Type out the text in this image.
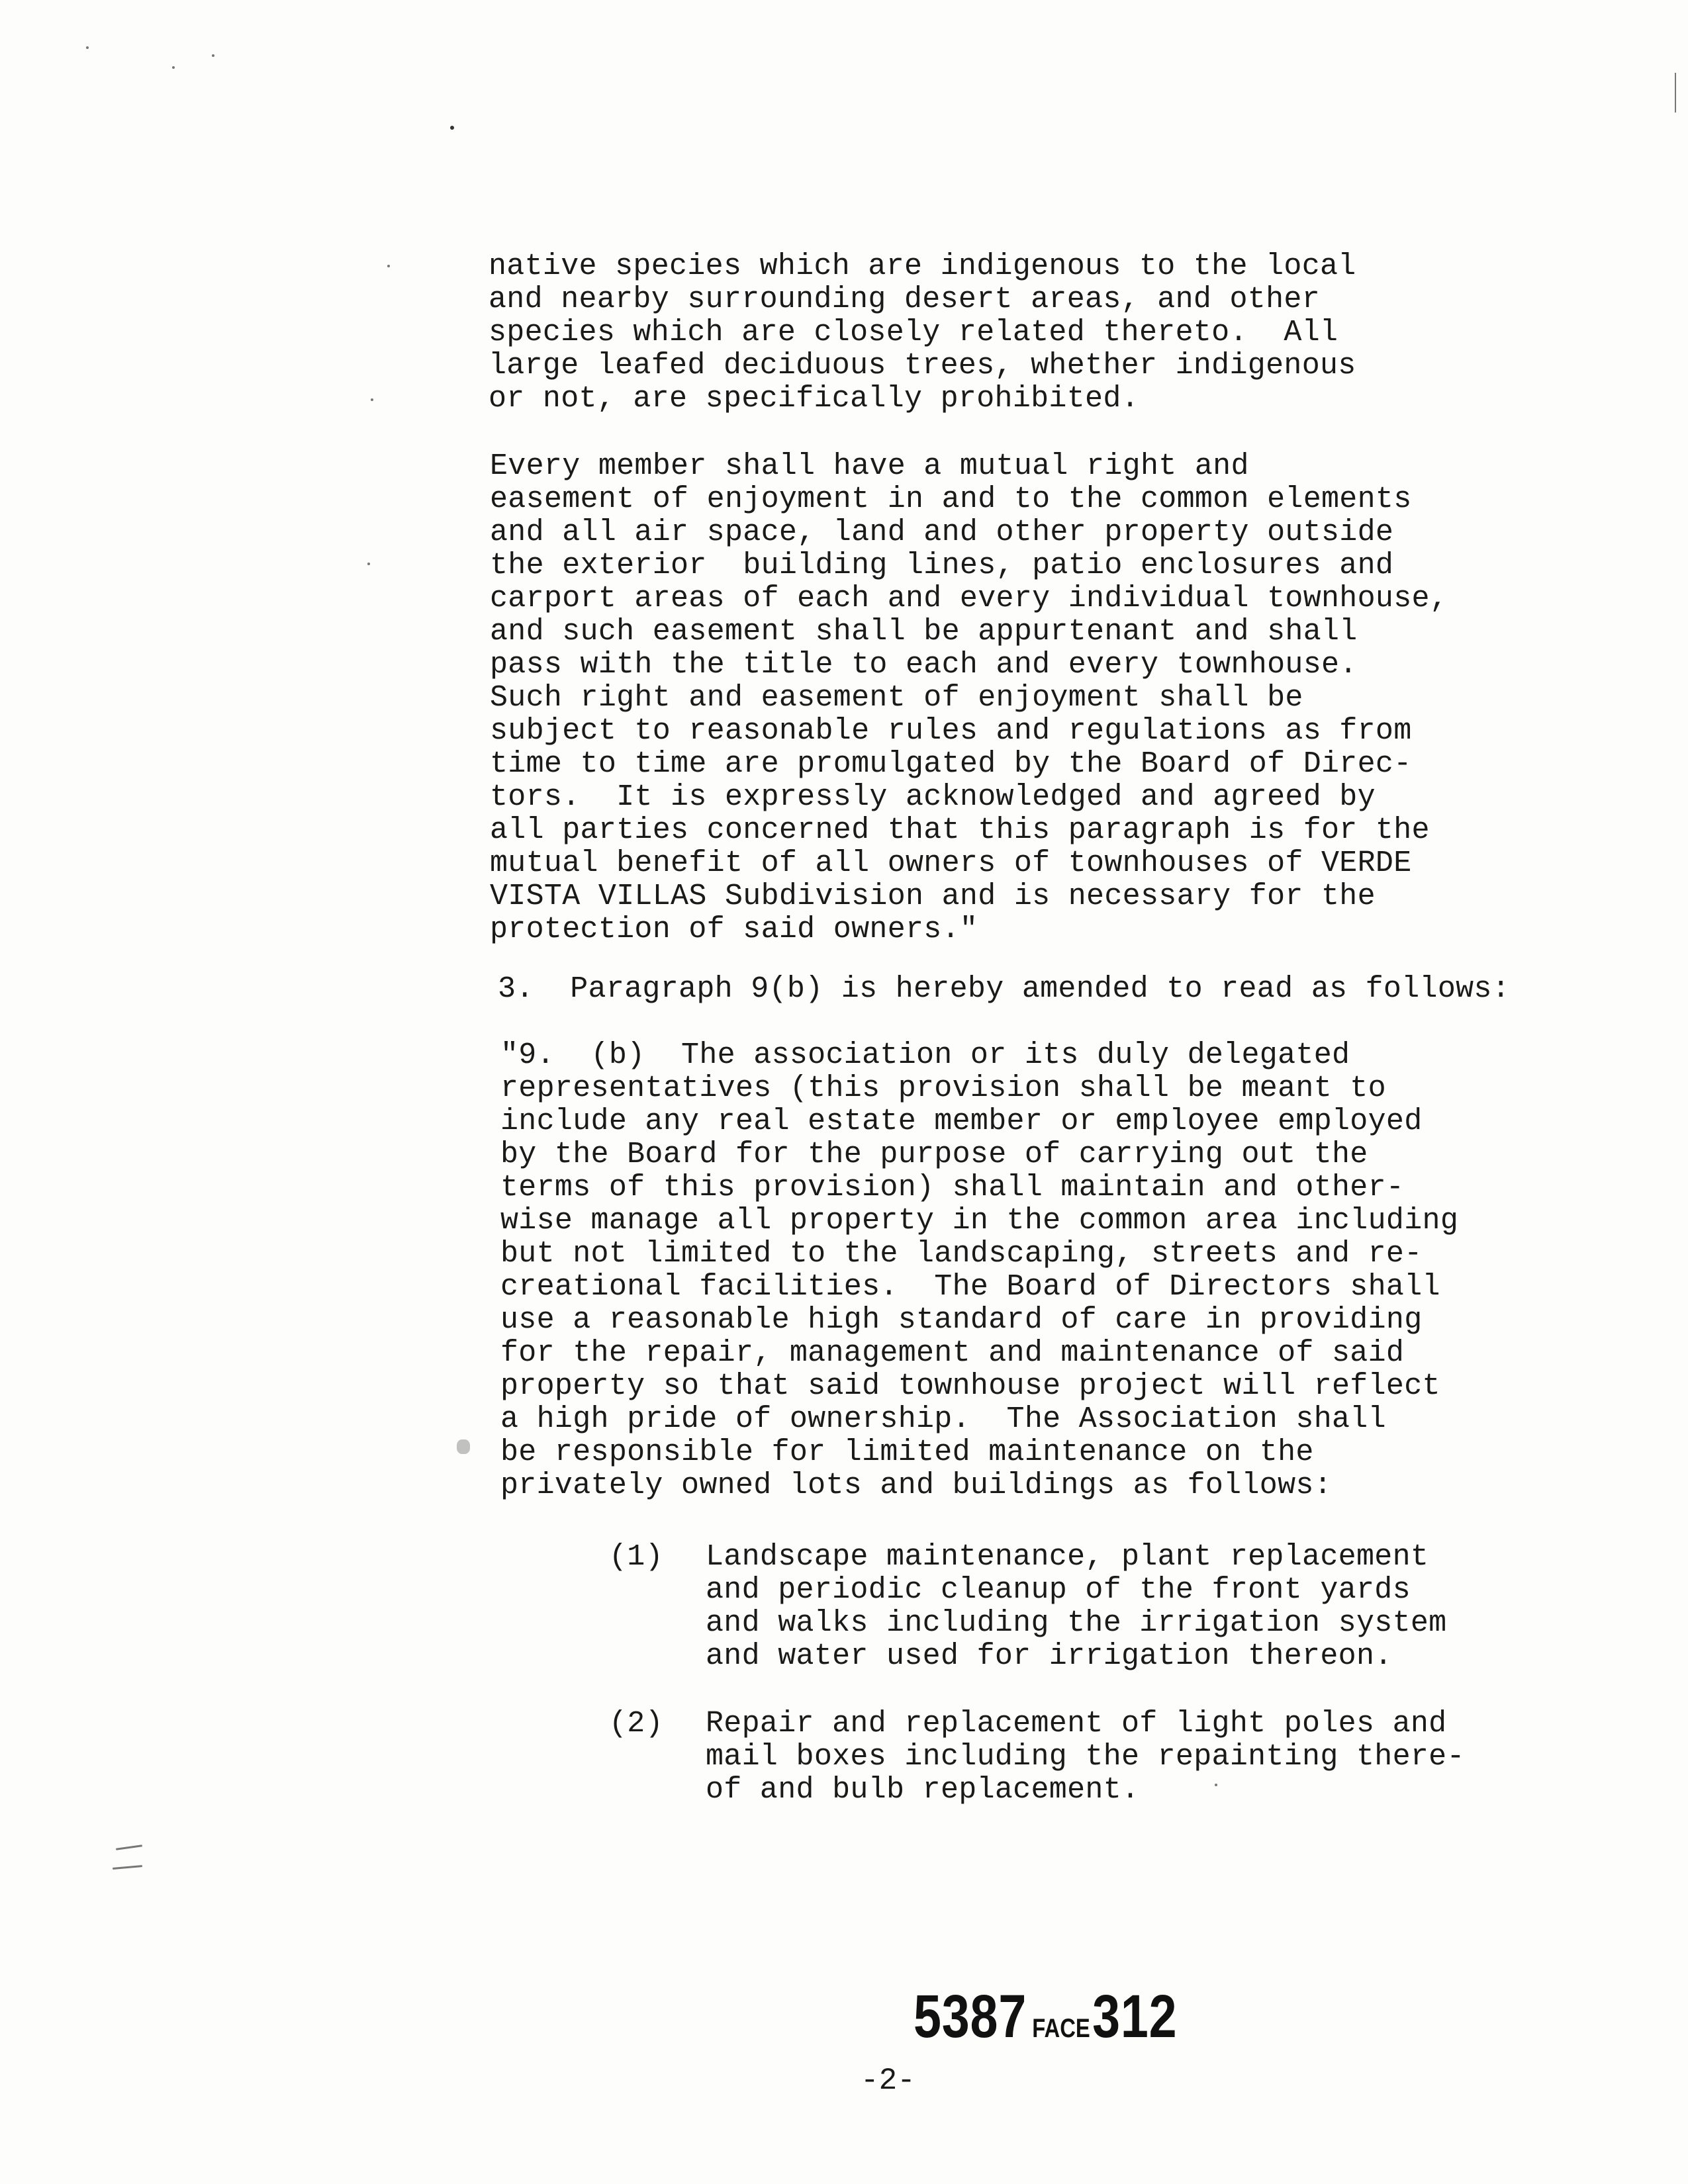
native species which are indigenous to the local
and nearby surrounding desert areas, and other
species which are closely related thereto.  All
large leafed deciduous trees, whether indigenous
or not, are specifically prohibited.

Every member shall have a mutual right and
easement of enjoyment in and to the common elements
and all air space, land and other property outside
the exterior  building lines, patio enclosures and
carport areas of each and every individual townhouse,
and such easement shall be appurtenant and shall
pass with the title to each and every townhouse.
Such right and easement of enjoyment shall be
subject to reasonable rules and regulations as from
time to time are promulgated by the Board of Direc-
tors.  It is expressly acknowledged and agreed by
all parties concerned that this paragraph is for the
mutual benefit of all owners of townhouses of VERDE
VISTA VILLAS Subdivision and is necessary for the
protection of said owners."

3.  Paragraph 9(b) is hereby amended to read as follows:

"9.  (b)  The association or its duly delegated
representatives (this provision shall be meant to
include any real estate member or employee employed
by the Board for the purpose of carrying out the
terms of this provision) shall maintain and other-
wise manage all property in the common area including
but not limited to the landscaping, streets and re-
creational facilities.  The Board of Directors shall
use a reasonable high standard of care in providing
for the repair, management and maintenance of said
property so that said townhouse project will reflect
a high pride of ownership.  The Association shall
be responsible for limited maintenance on the
privately owned lots and buildings as follows:

(1) Landscape maintenance, plant replacement
and periodic cleanup of the front yards
and walks including the irrigation system
and water used for irrigation thereon.

(2) Repair and replacement of light poles and
mail boxes including the repainting there-
of and bulb replacement.

5387 FACE312
-2-
